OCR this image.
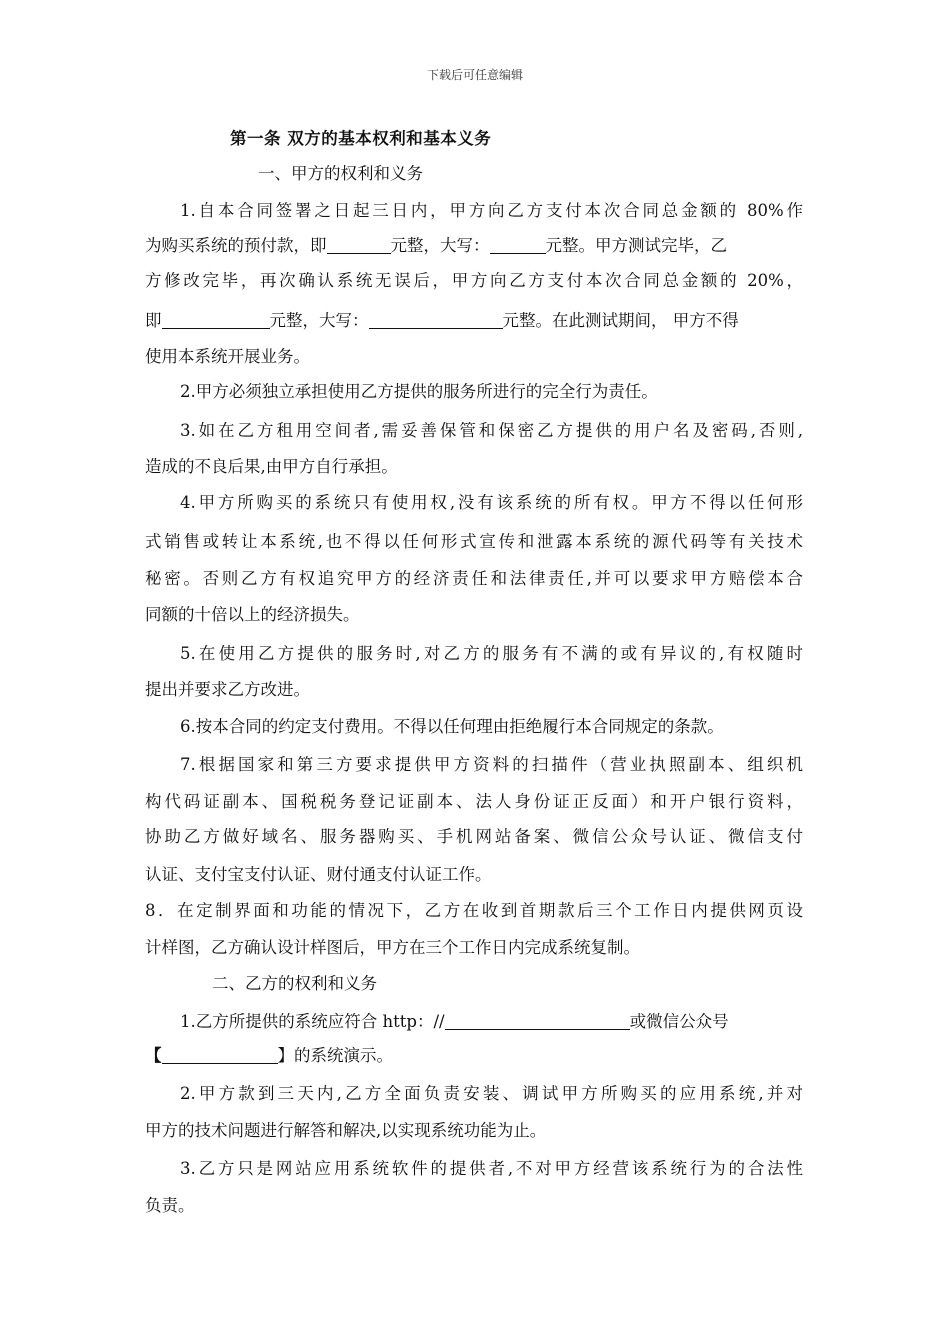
下载后可任意编辑
第一条 双方的基本权利和基本义务
一、甲方的权利和义务
1.自本合同签署之日起三日内，甲方向乙方支付本次合同总金额的 80%作
为购买系统的预付款，即	元整，大写：	元整。甲方测试完毕，乙
方修改完毕，再次确认系统无误后，甲方向乙方支付本次合同总金额的 20%，
即	元整，大写：	元整。在此测试期间， 甲方不得
使用本系统开展业务。
2.甲方必须独立承担使用乙方提供的服务所进行的完全行为责任。
3.如在乙方租用空间者,需妥善保管和保密乙方提供的用户名及密码,否则,
造成的不良后果,由甲方自行承担。
4.甲方所购买的系统只有使用权,没有该系统的所有权。甲方不得以任何形
式销售或转让本系统,也不得以任何形式宣传和泄露本系统的源代码等有关技术
秘密。否则乙方有权追究甲方的经济责任和法律责任,并可以要求甲方赔偿本合
同额的十倍以上的经济损失。
5.在使用乙方提供的服务时,对乙方的服务有不满的或有异议的,有权随时
提出并要求乙方改进。
6.按本合同的约定支付费用。不得以任何理由拒绝履行本合同规定的条款。
7.根据国家和第三方要求提供甲方资料的扫描件（营业执照副本、组织机
构代码证副本、国税税务登记证副本、法人身份证正反面）和开户银行资料，
协助乙方做好域名、服务器购买、手机网站备案、微信公众号认证、微信支付
认证、支付宝支付认证、财付通支付认证工作。
8．在定制界面和功能的情况下，乙方在收到首期款后三个工作日内提供网页设
计样图，乙方确认设计样图后，甲方在三个工作日内完成系统复制。
二、乙方的权利和义务
1.乙方所提供的系统应符合 http：//	或微信公众号
【	】的系统演示。
2.甲方款到三天内,乙方全面负责安装、调试甲方所购买的应用系统,并对
甲方的技术问题进行解答和解决,以实现系统功能为止。
3.乙方只是网站应用系统软件的提供者,不对甲方经营该系统行为的合法性
负责。
